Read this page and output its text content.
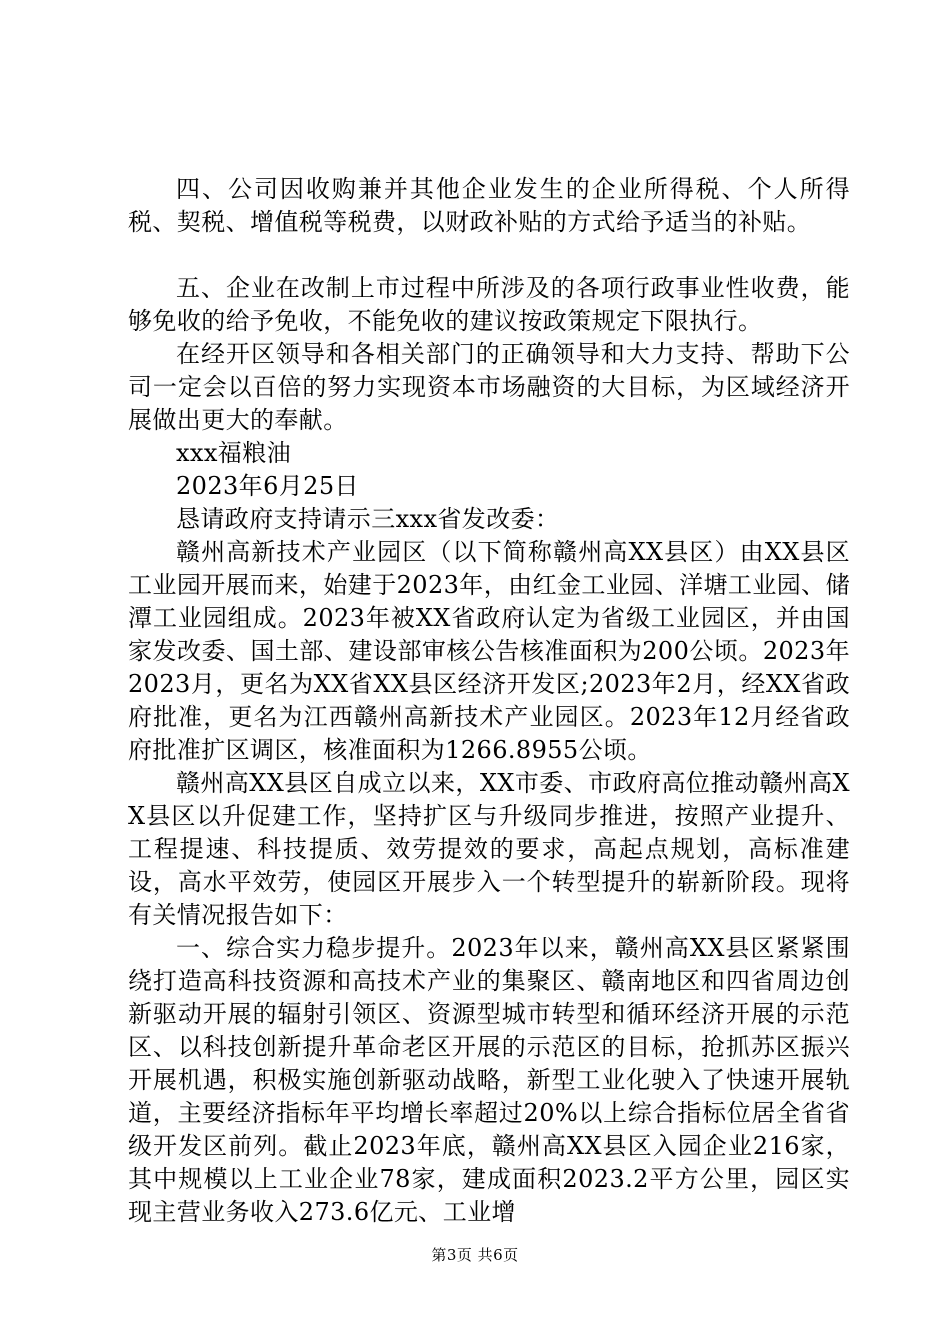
四、公司因收购兼并其他企业发生的企业所得税、个人所得税、契税、增值税等税费，以财政补贴的方式给予适当的补贴。

五、企业在改制上市过程中所涉及的各项行政事业性收费，能够免收的给予免收，不能免收的建议按政策规定下限执行。

在经开区领导和各相关部门的正确领导和大力支持、帮助下公司一定会以百倍的努力实现资本市场融资的大目标，为区域经济开展做出更大的奉献。

xxx福粮油

2023年6月25日

恳请政府支持请示三xxx省发改委：

赣州高新技术产业园区（以下简称赣州高XX县区）由XX县区工业园开展而来，始建于2023年，由红金工业园、洋塘工业园、储潭工业园组成。2023年被XX省政府认定为省级工业园区，并由国家发改委、国土部、建设部审核公告核准面积为200公顷。2023年2023月，更名为XX省XX县区经济开发区;2023年2月，经XX省政府批准，更名为江西赣州高新技术产业园区。2023年12月经省政府批准扩区调区，核准面积为1266.8955公顷。

赣州高XX县区自成立以来，XX市委、市政府高位推动赣州高XX县区以升促建工作，坚持扩区与升级同步推进，按照产业提升、工程提速、科技提质、效劳提效的要求，高起点规划，高标准建设，高水平效劳，使园区开展步入一个转型提升的崭新阶段。现将有关情况报告如下：

一、综合实力稳步提升。2023年以来，赣州高XX县区紧紧围绕打造高科技资源和高技术产业的集聚区、赣南地区和四省周边创新驱动开展的辐射引领区、资源型城市转型和循环经济开展的示范区、以科技创新提升革命老区开展的示范区的目标，抢抓苏区振兴开展机遇，积极实施创新驱动战略，新型工业化驶入了快速开展轨道，主要经济指标年平均增长率超过20%以上综合指标位居全省省级开发区前列。截止2023年底，赣州高XX县区入园企业216家，其中规模以上工业企业78家，建成面积2023.2平方公里，园区实现主营业务收入273.6亿元、工业增

第3页 共6页
